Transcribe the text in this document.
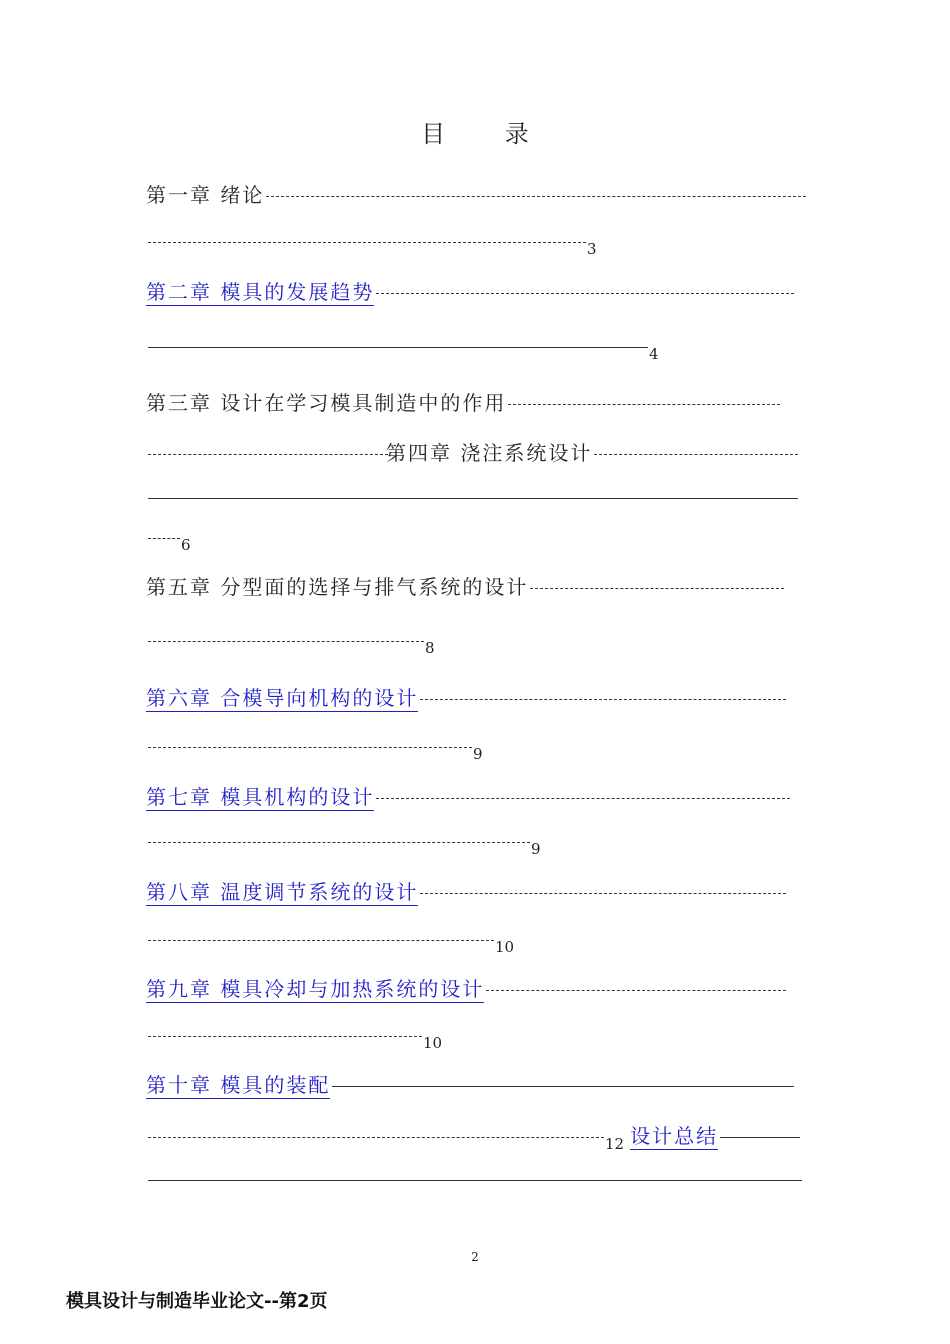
目 录
第一章 绪论
$_3$
第二章 模具的发展趋势
$_4$
第三章 设计在学习模具制造中的作用
第四章 浇注系统设计
$_6$
第五章 分型面的选择与排气系统的设计
$_8$
第六章 合模导向机构的设计
$_9$
第七章 模具机构的设计
$_9$
第八章 温度调节系统的设计
$_{10}$
第九章 模具冷却与加热系统的设计
$_{10}$
第十章 模具的装配
$_{12}$ 设计总结
2
模具设计与制造毕业论文--第2页
